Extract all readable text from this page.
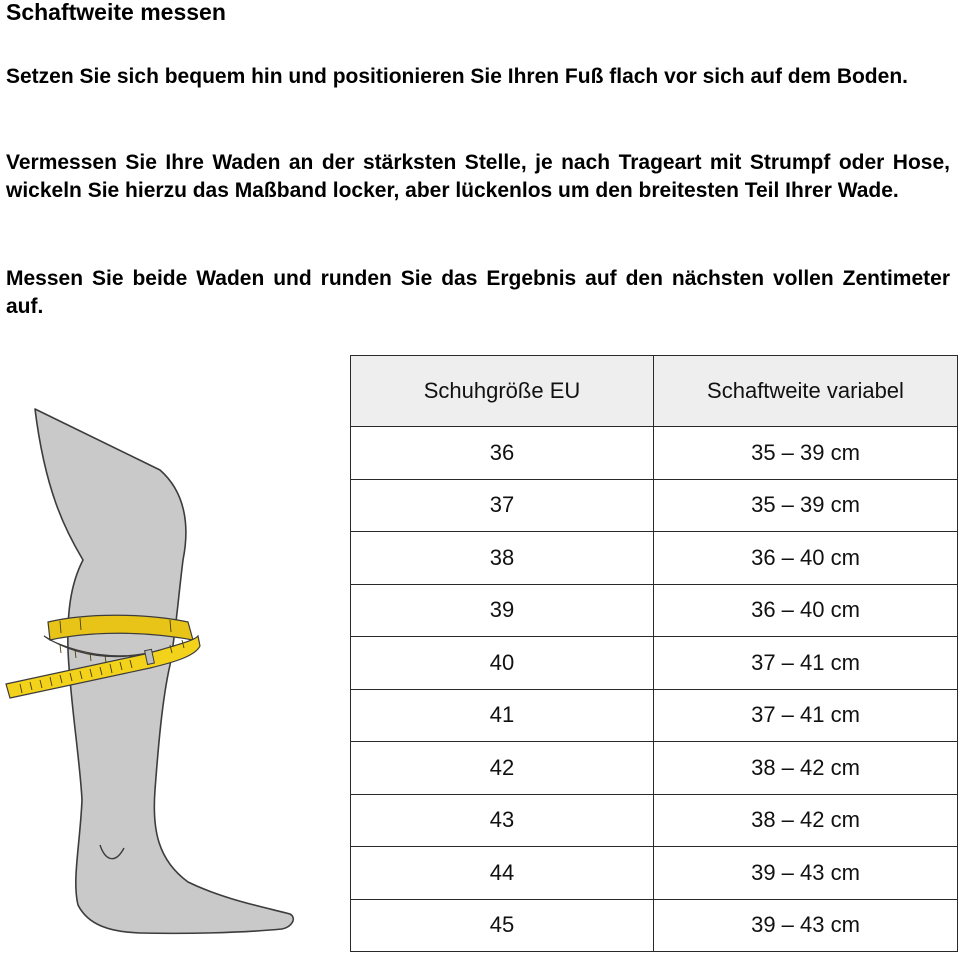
Schaftweite messen

Setzen Sie sich bequem hin und positionieren Sie Ihren Fuß flach vor sich auf dem Boden.

Vermessen Sie Ihre Waden an der stärksten Stelle, je nach Trageart mit Strumpf oder Hose, wickeln Sie hierzu das Maßband locker, aber lückenlos um den breitesten Teil Ihrer Wade.

Messen Sie beide Waden und runden Sie das Ergebnis auf den nächsten vollen Zentimeter auf.

Schuhgröße EU	Schaftweite variabel
36	35 – 39 cm
37	35 – 39 cm
38	36 – 40 cm
39	36 – 40 cm
40	37 – 41 cm
41	37 – 41 cm
42	38 – 42 cm
43	38 – 42 cm
44	39 – 43 cm
45	39 – 43 cm
